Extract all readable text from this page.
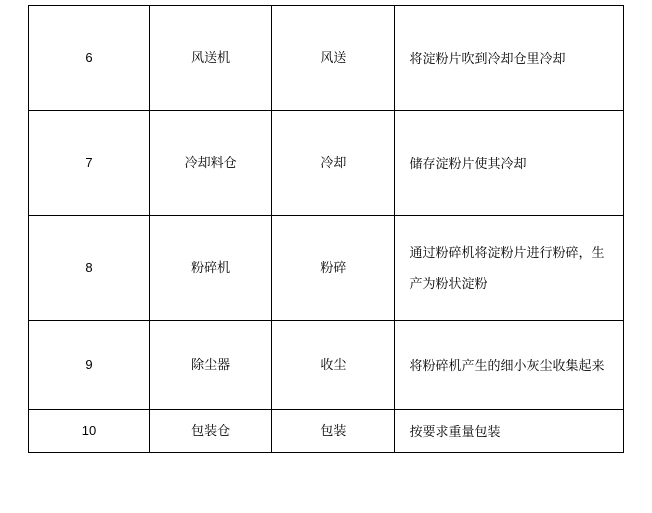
6	风送机	风送	将淀粉片吹到冷却仓里冷却

7	冷却料仓	冷却	储存淀粉片使其冷却

8	粉碎机	粉碎	通过粉碎机将淀粉片进行粉碎，生产为粉状淀粉

9	除尘器	收尘	将粉碎机产生的细小灰尘收集起来

10	包装仓	包装	按要求重量包装
